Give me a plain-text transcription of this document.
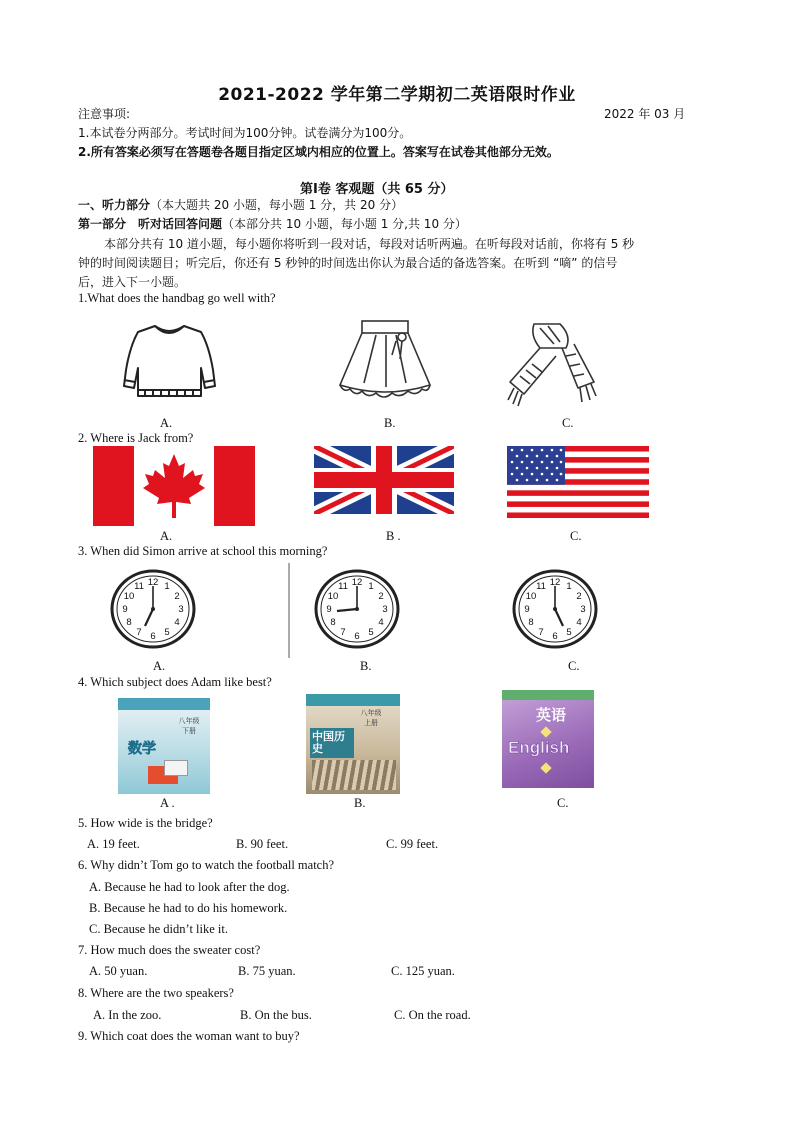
2021-2022 学年第二学期初二英语限时作业
注意事项:	2022 年 03 月
1.本试卷分两部分。考试时间为100分钟。试卷满分为100分。
2.所有答案必须写在答题卷各题目指定区域内相应的位置上。答案写在试卷其他部分无效。
第Ⅰ卷 客观题（共 65 分）
一、听力部分（本大题共 20 小题，每小题 1 分，共 20 分）
第一部分　听对话回答问题（本部分共 10 小题，每小题 1 分,共 10 分）
本部分共有 10 道小题，每小题你将听到一段对话，每段对话听两遍。在听每段对话前，你将有 5 秒
钟的时间阅读题目；听完后，你还有 5 秒钟的时间选出你认为最合适的备选答案。在听到 “嘀” 的信号
后，进入下一小题。
1.What does the handbag go well with?
A.	B.	C.
2. Where is Jack from?
A.	B .	C.
3. When did Simon arrive at school this morning?
12 1
2
3
4
5
6
7
8
9
10
11	12 1
2
3
4
5
6
7
8
9
10
11	12 1
2
3
4
5
6
7
8
9
10
11
A.	B.	C.
4. Which subject does Adam like best?
八年级
下册
数学
八年级
上册
中国历史
英语
English
A .	B.	C.
5. How wide is the bridge?
A. 19 feet.	B. 90 feet.	C. 99 feet.
6. Why didn’t Tom go to watch the football match?
A. Because he had to look after the dog.
B. Because he had to do his homework.
C. Because he didn’t like it.
7. How much does the sweater cost?
A. 50 yuan.	B. 75 yuan.	C. 125 yuan.
8. Where are the two speakers?
A. In the zoo.	B. On the bus.	C. On the road.
9. Which coat does the woman want to buy?
